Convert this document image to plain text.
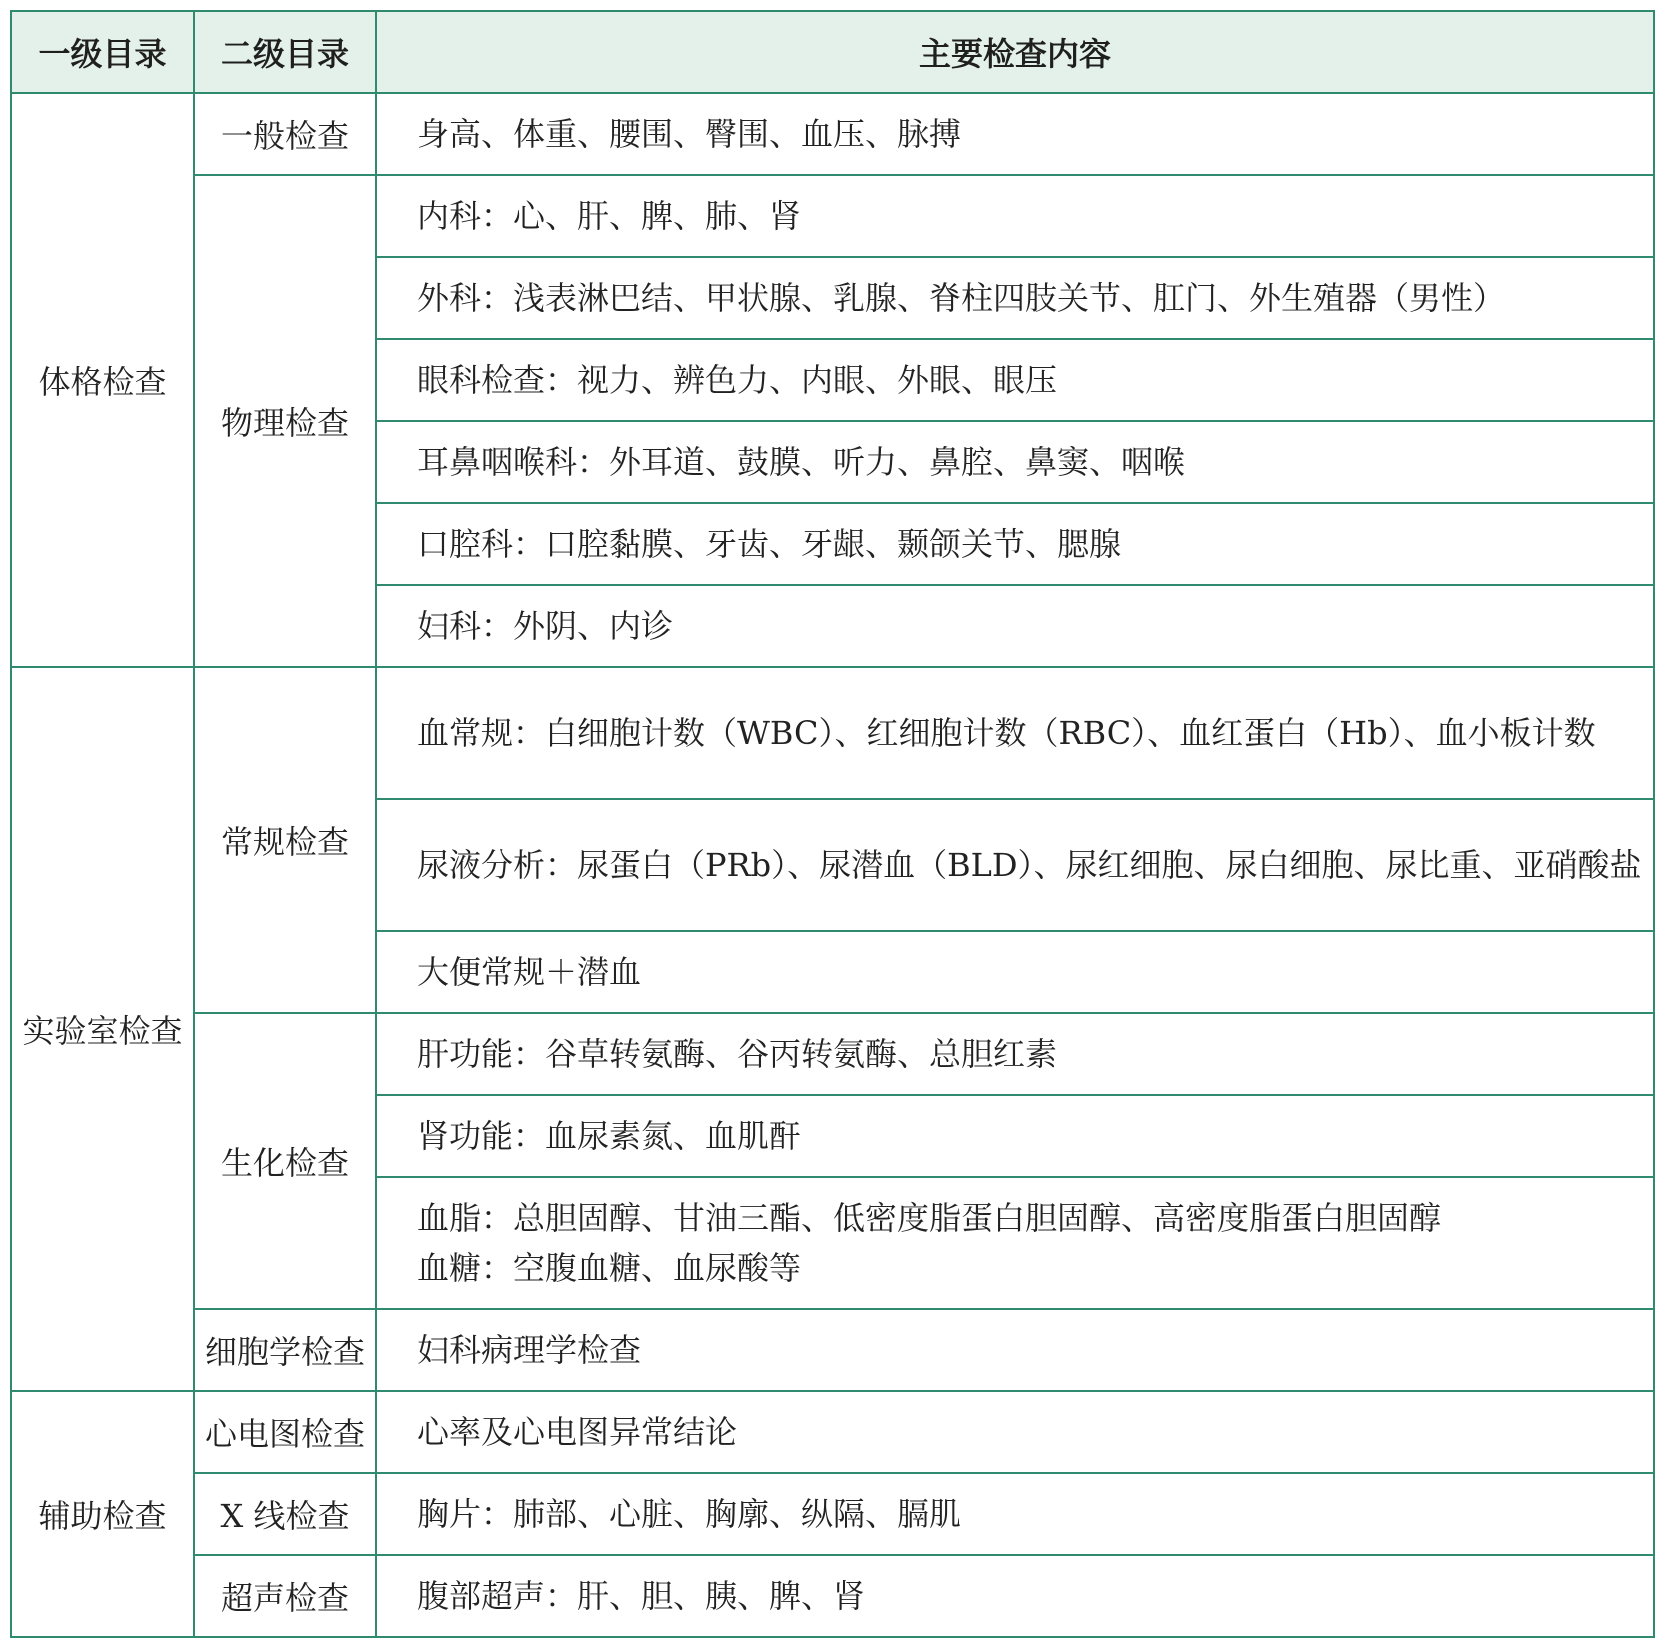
一级目录	二级目录	主要检查内容
体格检查	一般检查	身高、体重、腰围、臀围、血压、脉搏

	物理检查	内科：心、肝、脾、肺、肾

		外科：浅表淋巴结、甲状腺、乳腺、脊柱四肢关节、肛门、外生殖器（男性）

		眼科检查：视力、辨色力、内眼、外眼、眼压

		耳鼻咽喉科：外耳道、鼓膜、听力、鼻腔、鼻窦、咽喉

		口腔科：口腔黏膜、牙齿、牙龈、颞颌关节、腮腺

		妇科：外阴、内诊

实验室检查	常规检查	血常规：白细胞计数（WBC）、红细胞计数（RBC）、血红蛋白（Hb）、血小板计数

		尿液分析：尿蛋白（PRb）、尿潜血（BLD）、尿红细胞、尿白细胞、尿比重、亚硝酸盐

		大便常规＋潜血

	生化检查	肝功能：谷草转氨酶、谷丙转氨酶、总胆红素

		肾功能：血尿素氮、血肌酐

		血脂：总胆固醇、甘油三酯、低密度脂蛋白胆固醇、高密度脂蛋白胆固醇
血糖：空腹血糖、血尿酸等

	细胞学检查	妇科病理学检查

辅助检查	心电图检查	心率及心电图异常结论

	X 线检查	胸片：肺部、心脏、胸廓、纵隔、膈肌

	超声检查	腹部超声：肝、胆、胰、脾、肾
